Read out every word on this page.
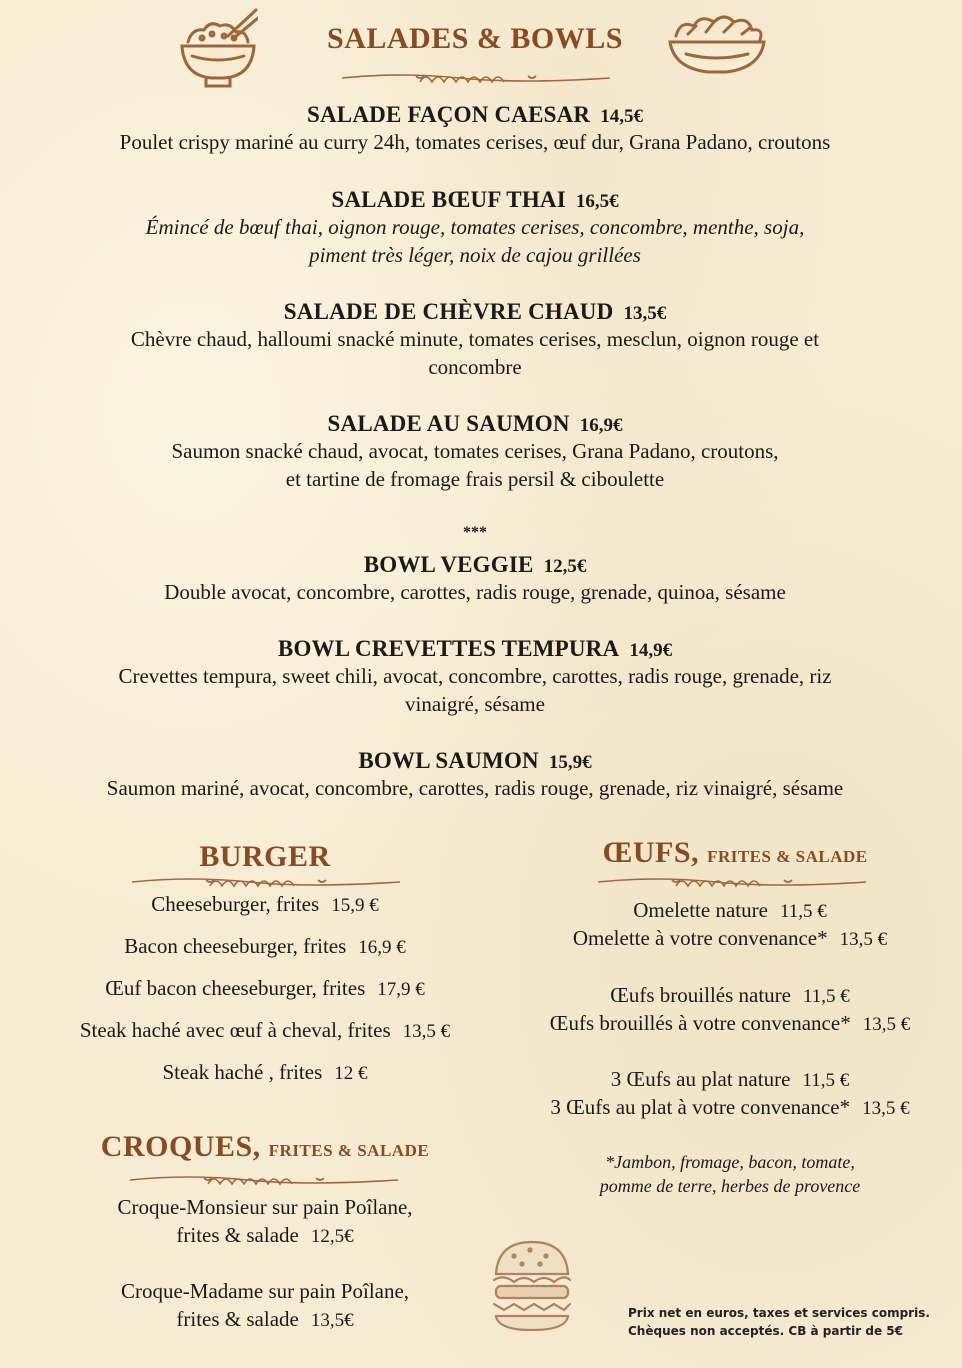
SALADES & BOWLS
SALADE FAÇON CAESAR 14,5€
Poulet crispy mariné au curry 24h, tomates cerises, œuf dur, Grana Padano, croutons
SALADE BŒUF THAI 16,5€
Émincé de bœuf thai, oignon rouge, tomates cerises, concombre, menthe, soja,
piment très léger, noix de cajou grillées
SALADE DE CHÈVRE CHAUD 13,5€
Chèvre chaud, halloumi snacké minute, tomates cerises, mesclun, oignon rouge et
concombre
SALADE AU SAUMON 16,9€
Saumon snacké chaud, avocat, tomates cerises, Grana Padano, croutons,
et tartine de fromage frais persil & ciboulette
***
BOWL VEGGIE 12,5€
Double avocat, concombre, carottes, radis rouge, grenade, quinoa, sésame
BOWL CREVETTES TEMPURA 14,9€
Crevettes tempura, sweet chili, avocat, concombre, carottes, radis rouge, grenade, riz
vinaigré, sésame
BOWL SAUMON 15,9€
Saumon mariné, avocat, concombre, carottes, radis rouge, grenade, riz vinaigré, sésame
BURGER
Cheeseburger, frites 15,9 €
Bacon cheeseburger, frites 16,9 €
Œuf bacon cheeseburger, frites 17,9 €
Steak haché avec œuf à cheval, frites 13,5 €
Steak haché , frites 12 €
CROQUES, FRITES & SALADE
Croque-Monsieur sur pain Poîlane,
frites & salade 12,5€
Croque-Madame sur pain Poîlane,
frites & salade 13,5€
ŒUFS, FRITES & SALADE
Omelette nature 11,5 €
Omelette à votre convenance* 13,5 €
Œufs brouillés nature 11,5 €
Œufs brouillés à votre convenance* 13,5 €
3 Œufs au plat nature 11,5 €
3 Œufs au plat à votre convenance* 13,5 €
*Jambon, fromage, bacon, tomate,
pomme de terre, herbes de provence
Prix net en euros, taxes et services compris.
Chèques non acceptés. CB à partir de 5€
